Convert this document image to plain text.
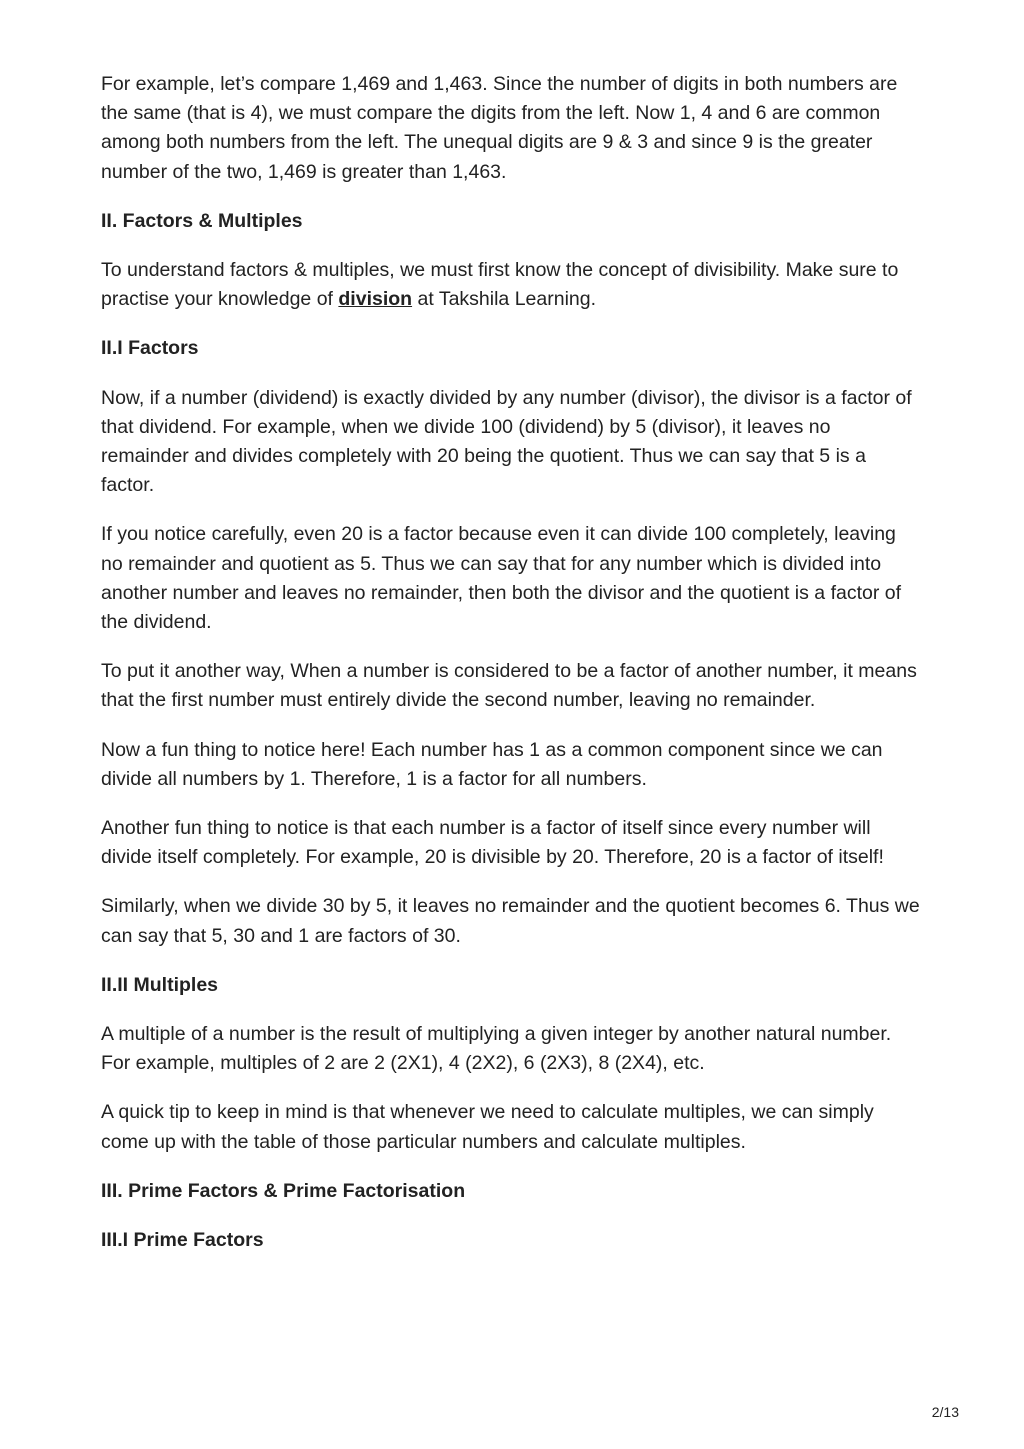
For example, let’s compare 1,469 and 1,463. Since the number of digits in both numbers are the same (that is 4), we must compare the digits from the left. Now 1, 4 and 6 are common among both numbers from the left. The unequal digits are 9 & 3 and since 9 is the greater number of the two, 1,469 is greater than 1,463.

II. Factors & Multiples

To understand factors & multiples, we must first know the concept of divisibility. Make sure to practise your knowledge of division at Takshila Learning.

II.I Factors

Now, if a number (dividend) is exactly divided by any number (divisor), the divisor is a factor of that dividend. For example, when we divide 100 (dividend) by 5 (divisor), it leaves no remainder and divides completely with 20 being the quotient. Thus we can say that 5 is a factor.

If you notice carefully, even 20 is a factor because even it can divide 100 completely, leaving no remainder and quotient as 5. Thus we can say that for any number which is divided into another number and leaves no remainder, then both the divisor and the quotient is a factor of the dividend.

To put it another way, When a number is considered to be a factor of another number, it means that the first number must entirely divide the second number, leaving no remainder.

Now a fun thing to notice here! Each number has 1 as a common component since we can divide all numbers by 1. Therefore, 1 is a factor for all numbers.

Another fun thing to notice is that each number is a factor of itself since every number will divide itself completely. For example, 20 is divisible by 20. Therefore, 20 is a factor of itself!

Similarly, when we divide 30 by 5, it leaves no remainder and the quotient becomes 6. Thus we can say that 5, 30 and 1 are factors of 30.

II.II Multiples

A multiple of a number is the result of multiplying a given integer by another natural number. For example, multiples of 2 are 2 (2X1), 4 (2X2), 6 (2X3), 8 (2X4), etc.

A quick tip to keep in mind is that whenever we need to calculate multiples, we can simply come up with the table of those particular numbers and calculate multiples.

III. Prime Factors & Prime Factorisation
III.I Prime Factors
2/13
